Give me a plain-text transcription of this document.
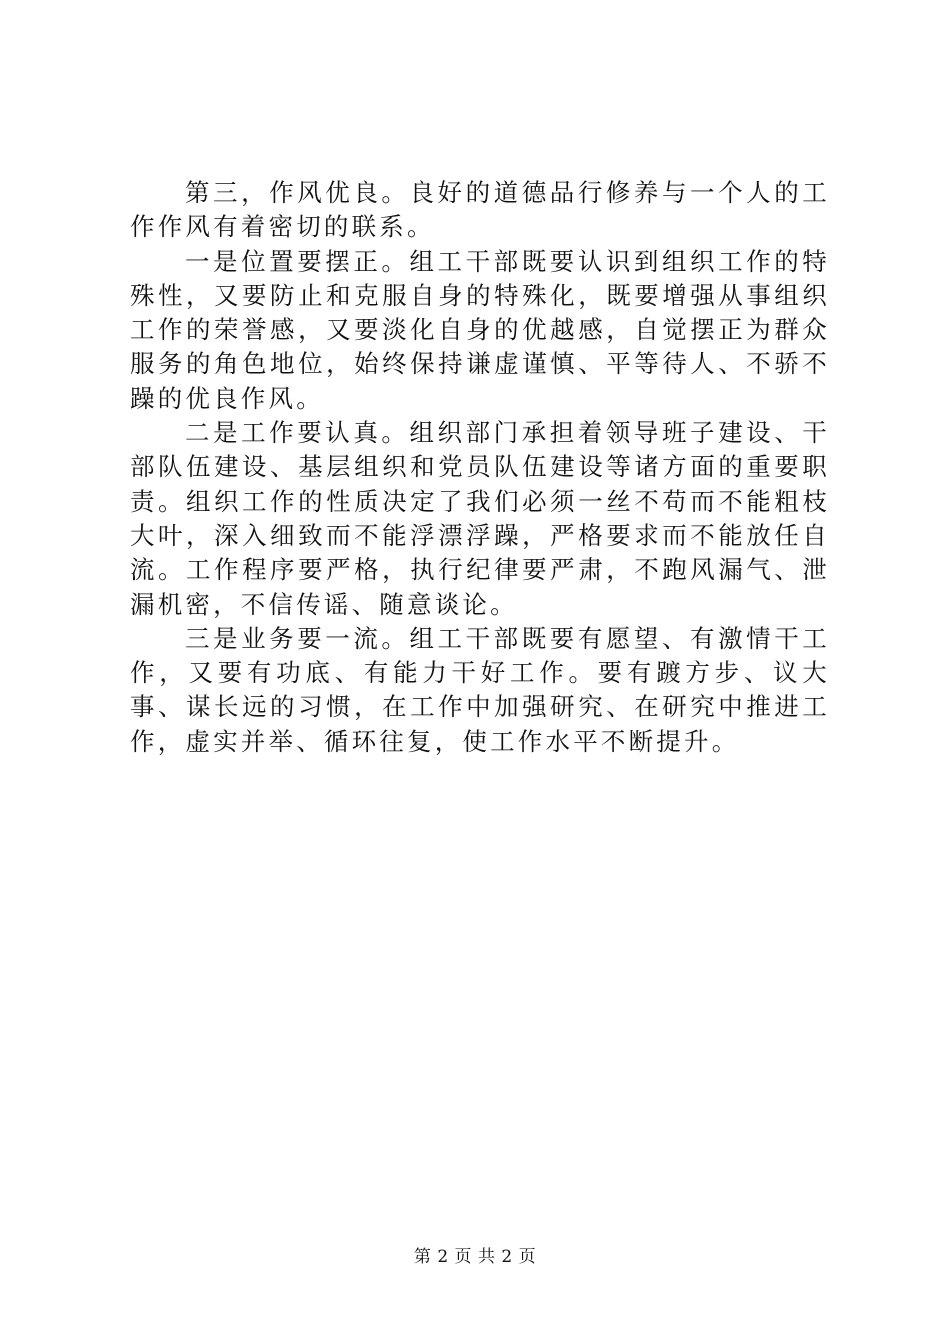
第三，作风优良。良好的道德品行修养与一个人的工作作风有着密切的联系。

一是位置要摆正。组工干部既要认识到组织工作的特殊性，又要防止和克服自身的特殊化，既要增强从事组织工作的荣誉感，又要淡化自身的优越感，自觉摆正为群众服务的角色地位，始终保持谦虚谨慎、平等待人、不骄不躁的优良作风。

二是工作要认真。组织部门承担着领导班子建设、干部队伍建设、基层组织和党员队伍建设等诸方面的重要职责。组织工作的性质决定了我们必须一丝不苟而不能粗枝大叶，深入细致而不能浮漂浮躁，严格要求而不能放任自流。工作程序要严格，执行纪律要严肃，不跑风漏气、泄漏机密，不信传谣、随意谈论。

三是业务要一流。组工干部既要有愿望、有激情干工作，又要有功底、有能力干好工作。要有踱方步、议大事、谋长远的习惯，在工作中加强研究、在研究中推进工作，虚实并举、循环往复，使工作水平不断提升。

第 2 页 共 2 页
